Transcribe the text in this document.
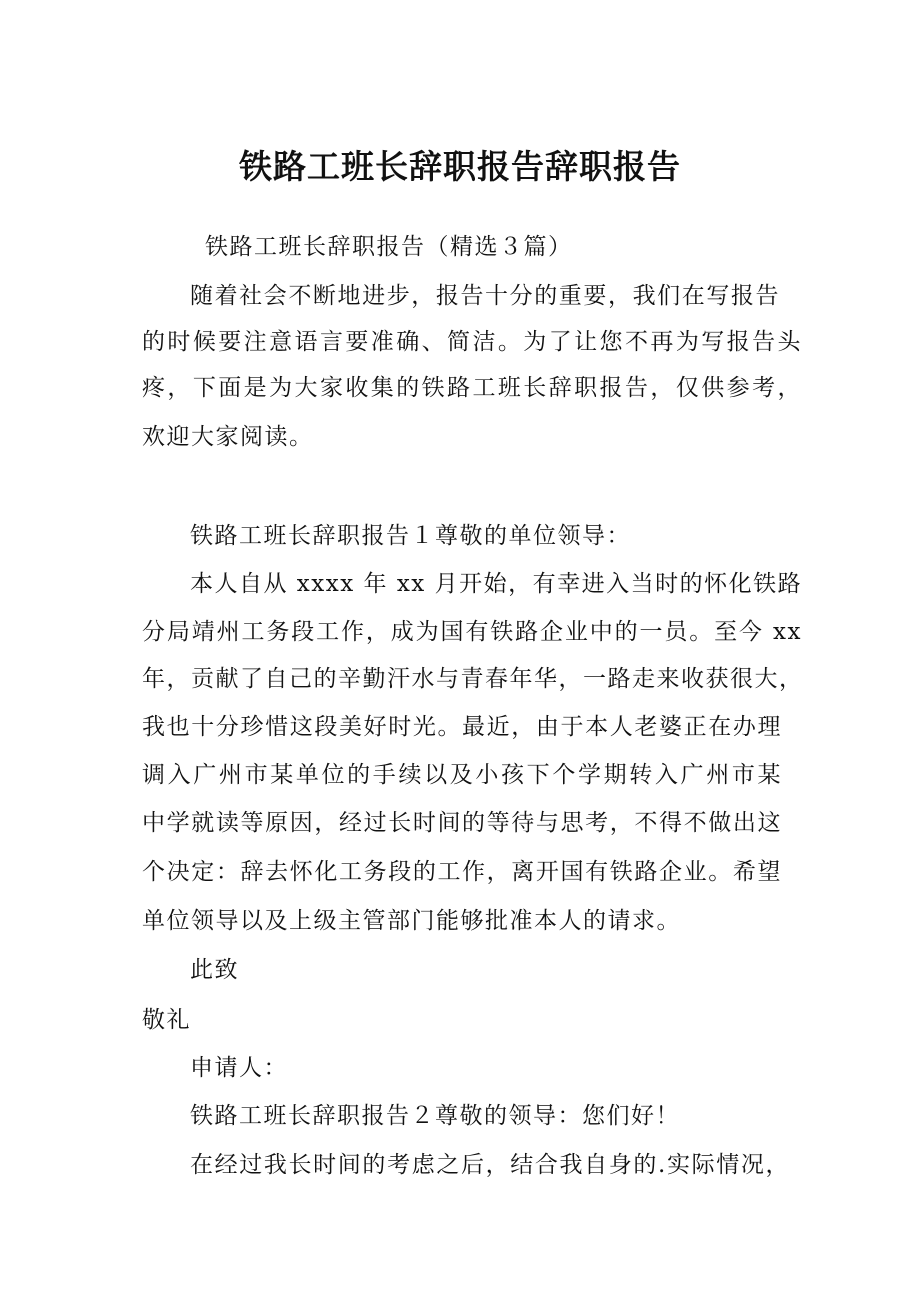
铁路工班长辞职报告辞职报告
铁路工班长辞职报告（精选３篇）
随着社会不断地进步，报告十分的重要，我们在写报告
的时候要注意语言要准确、简洁。为了让您不再为写报告头
疼，下面是为大家收集的铁路工班长辞职报告，仅供参考，
欢迎大家阅读。
铁路工班长辞职报告１尊敬的单位领导：
本人自从 xxxx 年 xx 月开始，有幸进入当时的怀化铁路
分局靖州工务段工作，成为国有铁路企业中的一员。至今 xx
年，贡献了自己的辛勤汗水与青春年华，一路走来收获很大，
我也十分珍惜这段美好时光。最近，由于本人老婆正在办理
调入广州市某单位的手续以及小孩下个学期转入广州市某
中学就读等原因，经过长时间的等待与思考，不得不做出这
个决定：辞去怀化工务段的工作，离开国有铁路企业。希望
单位领导以及上级主管部门能够批准本人的请求。
此致
敬礼
申请人：
铁路工班长辞职报告２尊敬的领导：您们好！
在经过我长时间的考虑之后，结合我自身的.实际情况，
